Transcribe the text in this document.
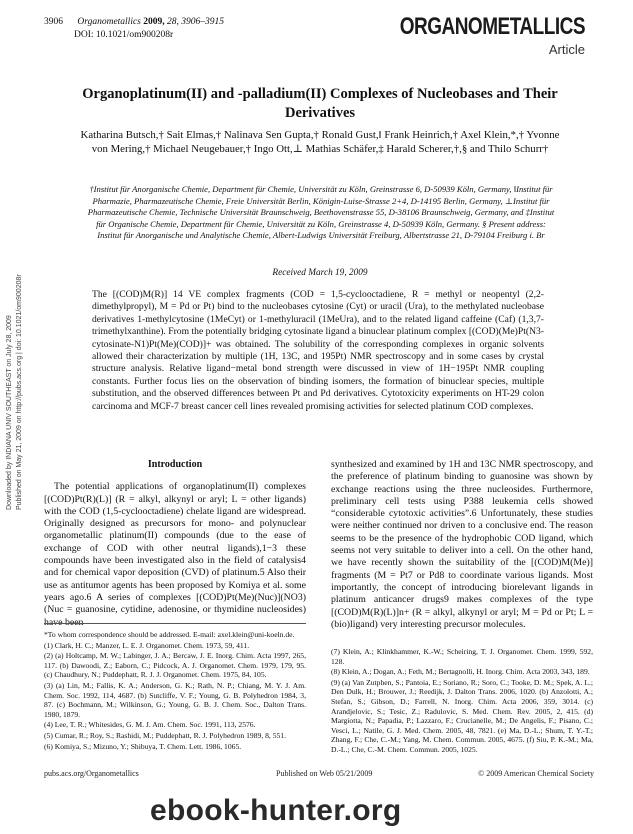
3906 Organometallics 2009, 28, 3906–3915
DOI: 10.1021/om900208r	ORGANOMETALLICS
Article
Organoplatinum(II) and -palladium(II) Complexes of Nucleobases and Their Derivatives
Katharina Butsch,† Sait Elmas,† Nalinava Sen Gupta,† Ronald Gust,‖ Frank Heinrich,† Axel Klein,*,† Yvonne von Mering,† Michael Neugebauer,† Ingo Ott,⊥ Mathias Schäfer,‡ Harald Scherer,†,§ and Thilo Schurr†
†Institut für Anorganische Chemie, Department für Chemie, Universität zu Köln, Greinstrasse 6, D-50939 Köln, Germany, ‖Institut für Pharmazie, Pharmazeutische Chemie, Freie Universität Berlin, Königin-Luise-Strasse 2+4, D-14195 Berlin, Germany, ⊥Institut für Pharmazeutische Chemie, Technische Universität Braunschweig, Beethovenstrasse 55, D-38106 Braunschweig, Germany, and ‡Institut für Organische Chemie, Department für Chemie, Universität zu Köln, Greinstrasse 4, D-50939 Köln, Germany. § Present address: Institut für Anorganische und Analytische Chemie, Albert-Ludwigs Universität Freiburg, Albertstrasse 21, D-79104 Freiburg i. Br
Received March 19, 2009

The [(COD)M(R)] 14 VE complex fragments (COD = 1,5-cyclooctadiene, R = methyl or neopentyl (2,2-dimethylpropyl), M = Pd or Pt) bind to the nucleobases cytosine (Cyt) or uracil (Ura), to the methylated nucleobase derivatives 1-methylcytosine (1MeCyt) or 1-methyluracil (1MeUra), and to the related ligand caffeine (Caf) (1,3,7-trimethylxanthine). From the potentially bridging cytosinate ligand a binuclear platinum complex [(COD)(Me)Pt(N3-cytosinate-N1)Pt(Me)(COD)]+ was obtained. The solubility of the corresponding complexes in organic solvents allowed their characterization by multiple (1H, 13C, and 195Pt) NMR spectroscopy and in some cases by crystal structure analysis. Relative ligand−metal bond strength were discussed in view of 1H−195Pt NMR coupling constants. Further focus lies on the observation of binding isomers, the formation of binuclear species, multiple substitution, and the observed differences between Pt and Pd derivatives. Cytotoxicity experiments on HT-29 colon carcinoma and MCF-7 breast cancer cell lines revealed promising activities for selected platinum COD complexes.

Downloaded by INDIANA UNIV SOUTHEAST on July 28, 2009 Published on May 21, 2009 on http://pubs.acs.org | doi: 10.1021/om900208r	Introduction

The potential applications of organoplatinum(II) complexes [(COD)Pt(R)(L)] (R = alkyl, alkynyl or aryl; L = other ligands) with the COD (1,5-cyclooctadiene) chelate ligand are widespread. Originally designed as precursors for mono- and polynuclear organometallic platinum(II) compounds (due to the ease of exchange of COD with other neutral ligands),1−3 these compounds have been investigated also in the field of catalysis4 and for chemical vapor deposition (CVD) of platinum.5 Also their use as antitumor agents has been proposed by Komiya et al. some years ago.6 A series of complexes [(COD)Pt(Me)(Nuc)](NO3) (Nuc = guanosine, cytidine, adenosine, or thymidine nucleosides) have been

synthesized and examined by 1H and 13C NMR spectroscopy, and the preference of platinum binding to guanosine was shown by exchange reactions using the three nucleosides. Furthermore, preliminary cell tests using P388 leukemia cells showed “considerable cytotoxic activities”.6 Unfortunately, these studies were neither continued nor driven to a conclusive end. The reason seems to be the presence of the hydrophobic COD ligand, which seems not very suitable to deliver into a cell. On the other hand, we have recently shown the suitability of the [(COD)M(Me)] fragments (M = Pt7 or Pd8 to coordinate various ligands. Most importantly, the concept of introducing biorelevant ligands in platinum anticancer drugs9 makes complexes of the type [(COD)M(R)(L)]n+ (R = alkyl, alkynyl or aryl; M = Pd or Pt; L = (bio)ligand) very interesting precursor molecules.

*To whom correspondence should be addressed. E-mail: axel.klein@uni-koeln.de.

(1) Clark, H. C.; Manzer, L. E. J. Organomet. Chem. 1973, 59, 411.

(2) (a) Holtcamp, M. W.; Labinger, J. A.; Bercaw, J. E. Inorg. Chim. Acta 1997, 265, 117. (b) Dawoodi, Z.; Eaborn, C.; Pidcock, A. J. Organomet. Chem. 1979, 179, 95. (c) Chaudhury, N.; Puddephatt, R. J. J. Organomet. Chem. 1975, 84, 105.

(3) (a) Lin, M.; Fallis, K. A.; Anderson, G. K.; Rath, N. P.; Chiang, M. Y. J. Am. Chem. Soc. 1992, 114, 4687. (b) Sutcliffe, V. F.; Young, G. B. Polyhedron 1984, 3, 87. (c) Bochmann, M.; Wilkinson, G.; Young, G. B. J. Chem. Soc., Dalton Trans. 1980, 1879.

(4) Lee, T. R.; Whitesides, G. M. J. Am. Chem. Soc. 1991, 113, 2576.

(5) Cumar, R.; Roy, S.; Rashidi, M.; Puddephatt, R. J. Polyhedron 1989, 8, 551.

(6) Komiya, S.; Mizuno, Y.; Shibuya, T. Chem. Lett. 1986, 1065.

(7) Klein, A.; Klinkhammer, K.-W.; Scheiring, T. J. Organomet. Chem. 1999, 592, 128.

(8) Klein, A.; Dogan, A.; Feth, M.; Bertagnolli, H. Inorg. Chim. Acta 2003, 343, 189.

(9) (a) Van Zutphen, S.; Pantoia, E.; Soriano, R.; Soro, C.; Tooke, D. M.; Spek, A. L.; Den Dulk, H.; Brouwer, J.; Reedijk, J. Dalton Trans. 2006, 1020. (b) Anzolotti, A.; Stefan, S.; Gibson, D.; Farrell, N. Inorg. Chim. Acta 2006, 359, 3014. (c) Arandjelovic, S.; Tesic, Z.; Radulovic, S. Med. Chem. Rev. 2005, 2, 415. (d) Margiotta, N.; Papadia, P.; Lazzaro, F.; Crucianelle, M.; De Angelis, F.; Pisano, C.; Vesci, L.; Natile, G. J. Med. Chem. 2005, 48, 7821. (e) Ma, D.-L.; Shum, T. Y.-T.; Zhang, F.; Che, C.-M.; Yang, M. Chem. Commun. 2005, 4675. (f) Siu, P. K.-M.; Ma, D.-L.; Che, C.-M. Chem. Commun. 2005, 1025.

pubs.acs.org/Organometallics	Published on Web 05/21/2009	© 2009 American Chemical Society
ebook-hunter.org
